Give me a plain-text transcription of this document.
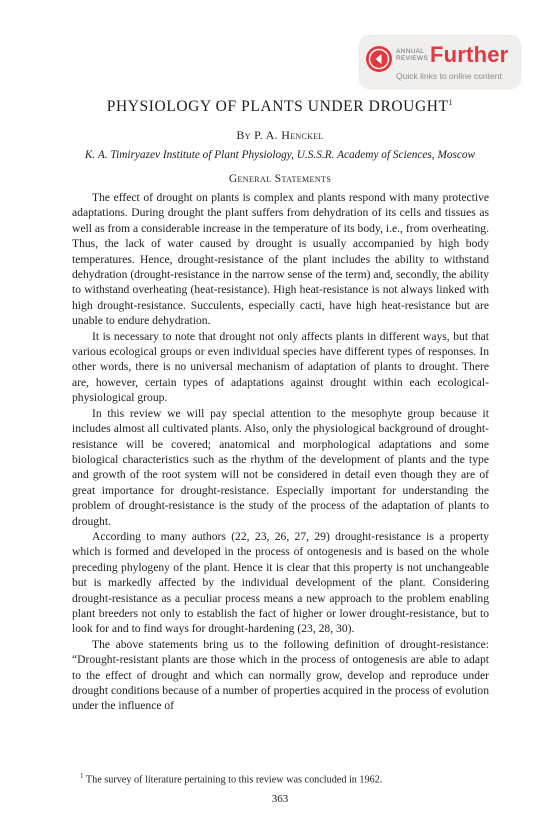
ANNUAL
REVIEWS Further
Quick links to online content
PHYSIOLOGY OF PLANTS UNDER DROUGHT$^1$
By P. A. Henckel
K. A. Timiryazev Institute of Plant Physiology, U.S.S.R. Academy of Sciences, Moscow
General Statements

The effect of drought on plants is complex and plants respond with many protective adaptations. During drought the plant suffers from dehydration of its cells and tissues as well as from a considerable increase in the temperature of its body, i.e., from overheating. Thus, the lack of water caused by drought is usually accompanied by high body temperatures. Hence, drought-resistance of the plant includes the ability to withstand dehydration (drought-resistance in the narrow sense of the term) and, secondly, the ability to withstand overheating (heat-resistance). High heat-resistance is not always linked with high drought-resistance. Succulents, especially cacti, have high heat-resistance but are unable to endure dehydration.

It is necessary to note that drought not only affects plants in different ways, but that various ecological groups or even individual species have different types of responses. In other words, there is no universal mechanism of adaptation of plants to drought. There are, however, certain types of adaptations against drought within each ecological-physiological group.

In this review we will pay special attention to the mesophyte group because it includes almost all cultivated plants. Also, only the physiological background of drought-resistance will be covered; anatomical and morphological adaptations and some biological characteristics such as the rhythm of the development of plants and the type and growth of the root system will not be considered in detail even though they are of great importance for drought-resistance. Especially important for understanding the problem of drought-resistance is the study of the process of the adaptation of plants to drought.

According to many authors (22, 23, 26, 27, 29) drought-resistance is a property which is formed and developed in the process of ontogenesis and is based on the whole preceding phylogeny of the plant. Hence it is clear that this property is not unchangeable but is markedly affected by the individual development of the plant. Considering drought-resistance as a peculiar process means a new approach to the problem enabling plant breeders not only to establish the fact of higher or lower drought-resistance, but to look for and to find ways for drought-hardening (23, 28, 30).

The above statements bring us to the following definition of drought-resistance: “Drought-resistant plants are those which in the process of ontogenesis are able to adapt to the effect of drought and which can normally grow, develop and reproduce under drought conditions because of a number of properties acquired in the process of evolution under the influence of

$^1$ The survey of literature pertaining to this review was concluded in 1962.
363
